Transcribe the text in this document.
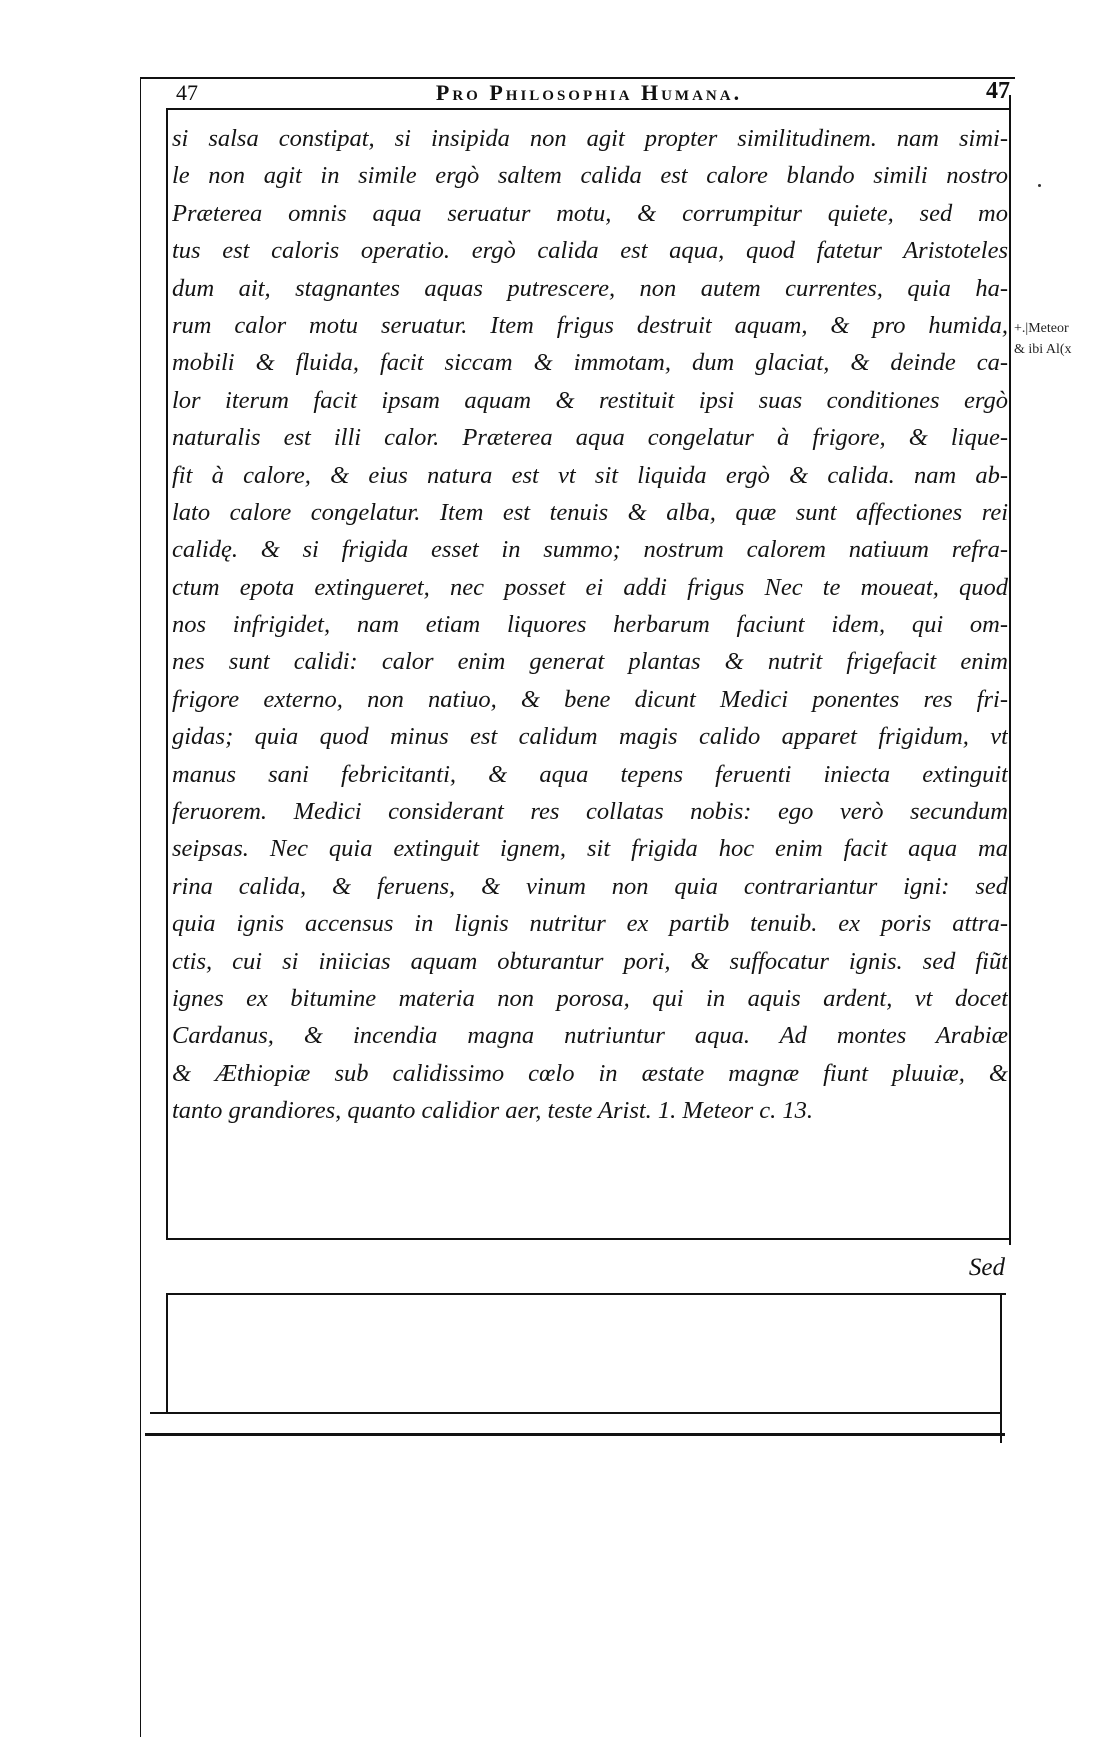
47	Pro Philosophia Humana.	47
si salsa constipat, si insipida non agit propter similitudinem. nam simi-
le non agit in simile ergò saltem calida est calore blando simili nostro
Præterea omnis aqua seruatur motu, & corrumpitur quiete, sed mo
tus est caloris operatio. ergò calida est aqua, quod fatetur Aristoteles
dum ait, stagnantes aquas putrescere, non autem currentes, quia ha-
rum calor motu seruatur. Item frigus destruit aquam, & pro humida,
mobili & fluida, facit siccam & immotam, dum glaciat, & deinde ca-
lor iterum facit ipsam aquam & restituit ipsi suas conditiones ergò
naturalis est illi calor. Præterea aqua congelatur à frigore, & lique-
fit à calore, & eius natura est vt sit liquida ergò & calida. nam ab-
lato calore congelatur. Item est tenuis & alba, quæ sunt affectiones rei
calidę. & si frigida esset in summo; nostrum calorem natiuum refra-
ctum epota extingueret, nec posset ei addi frigus Nec te moueat, quod
nos infrigidet, nam etiam liquores herbarum faciunt idem, qui om-
nes sunt calidi: calor enim generat plantas & nutrit frigefacit enim
frigore externo, non natiuo, & bene dicunt Medici ponentes res fri-
gidas; quia quod minus est calidum magis calido apparet frigidum, vt
manus sani febricitanti, & aqua tepens feruenti iniecta extinguit
feruorem. Medici considerant res collatas nobis: ego verò secundum
seipsas. Nec quia extinguit ignem, sit frigida hoc enim facit aqua ma
rina calida, & feruens, & vinum non quia contrariantur igni: sed
quia ignis accensus in lignis nutritur ex partib tenuib. ex poris attra-
ctis, cui si iniicias aquam obturantur pori, & suffocatur ignis. sed fiũt
ignes ex bitumine materia non porosa, qui in aquis ardent, vt docet
Cardanus, & incendia magna nutriuntur aqua. Ad montes Arabiæ
& Æthiopiæ sub calidissimo cœlo in æstate magnæ fiunt pluuiæ, &
tanto grandiores, quanto calidior aer, teste Arist. 1. Meteor c. 13.
Sed
+.|Meteor
& ibi Al(x
